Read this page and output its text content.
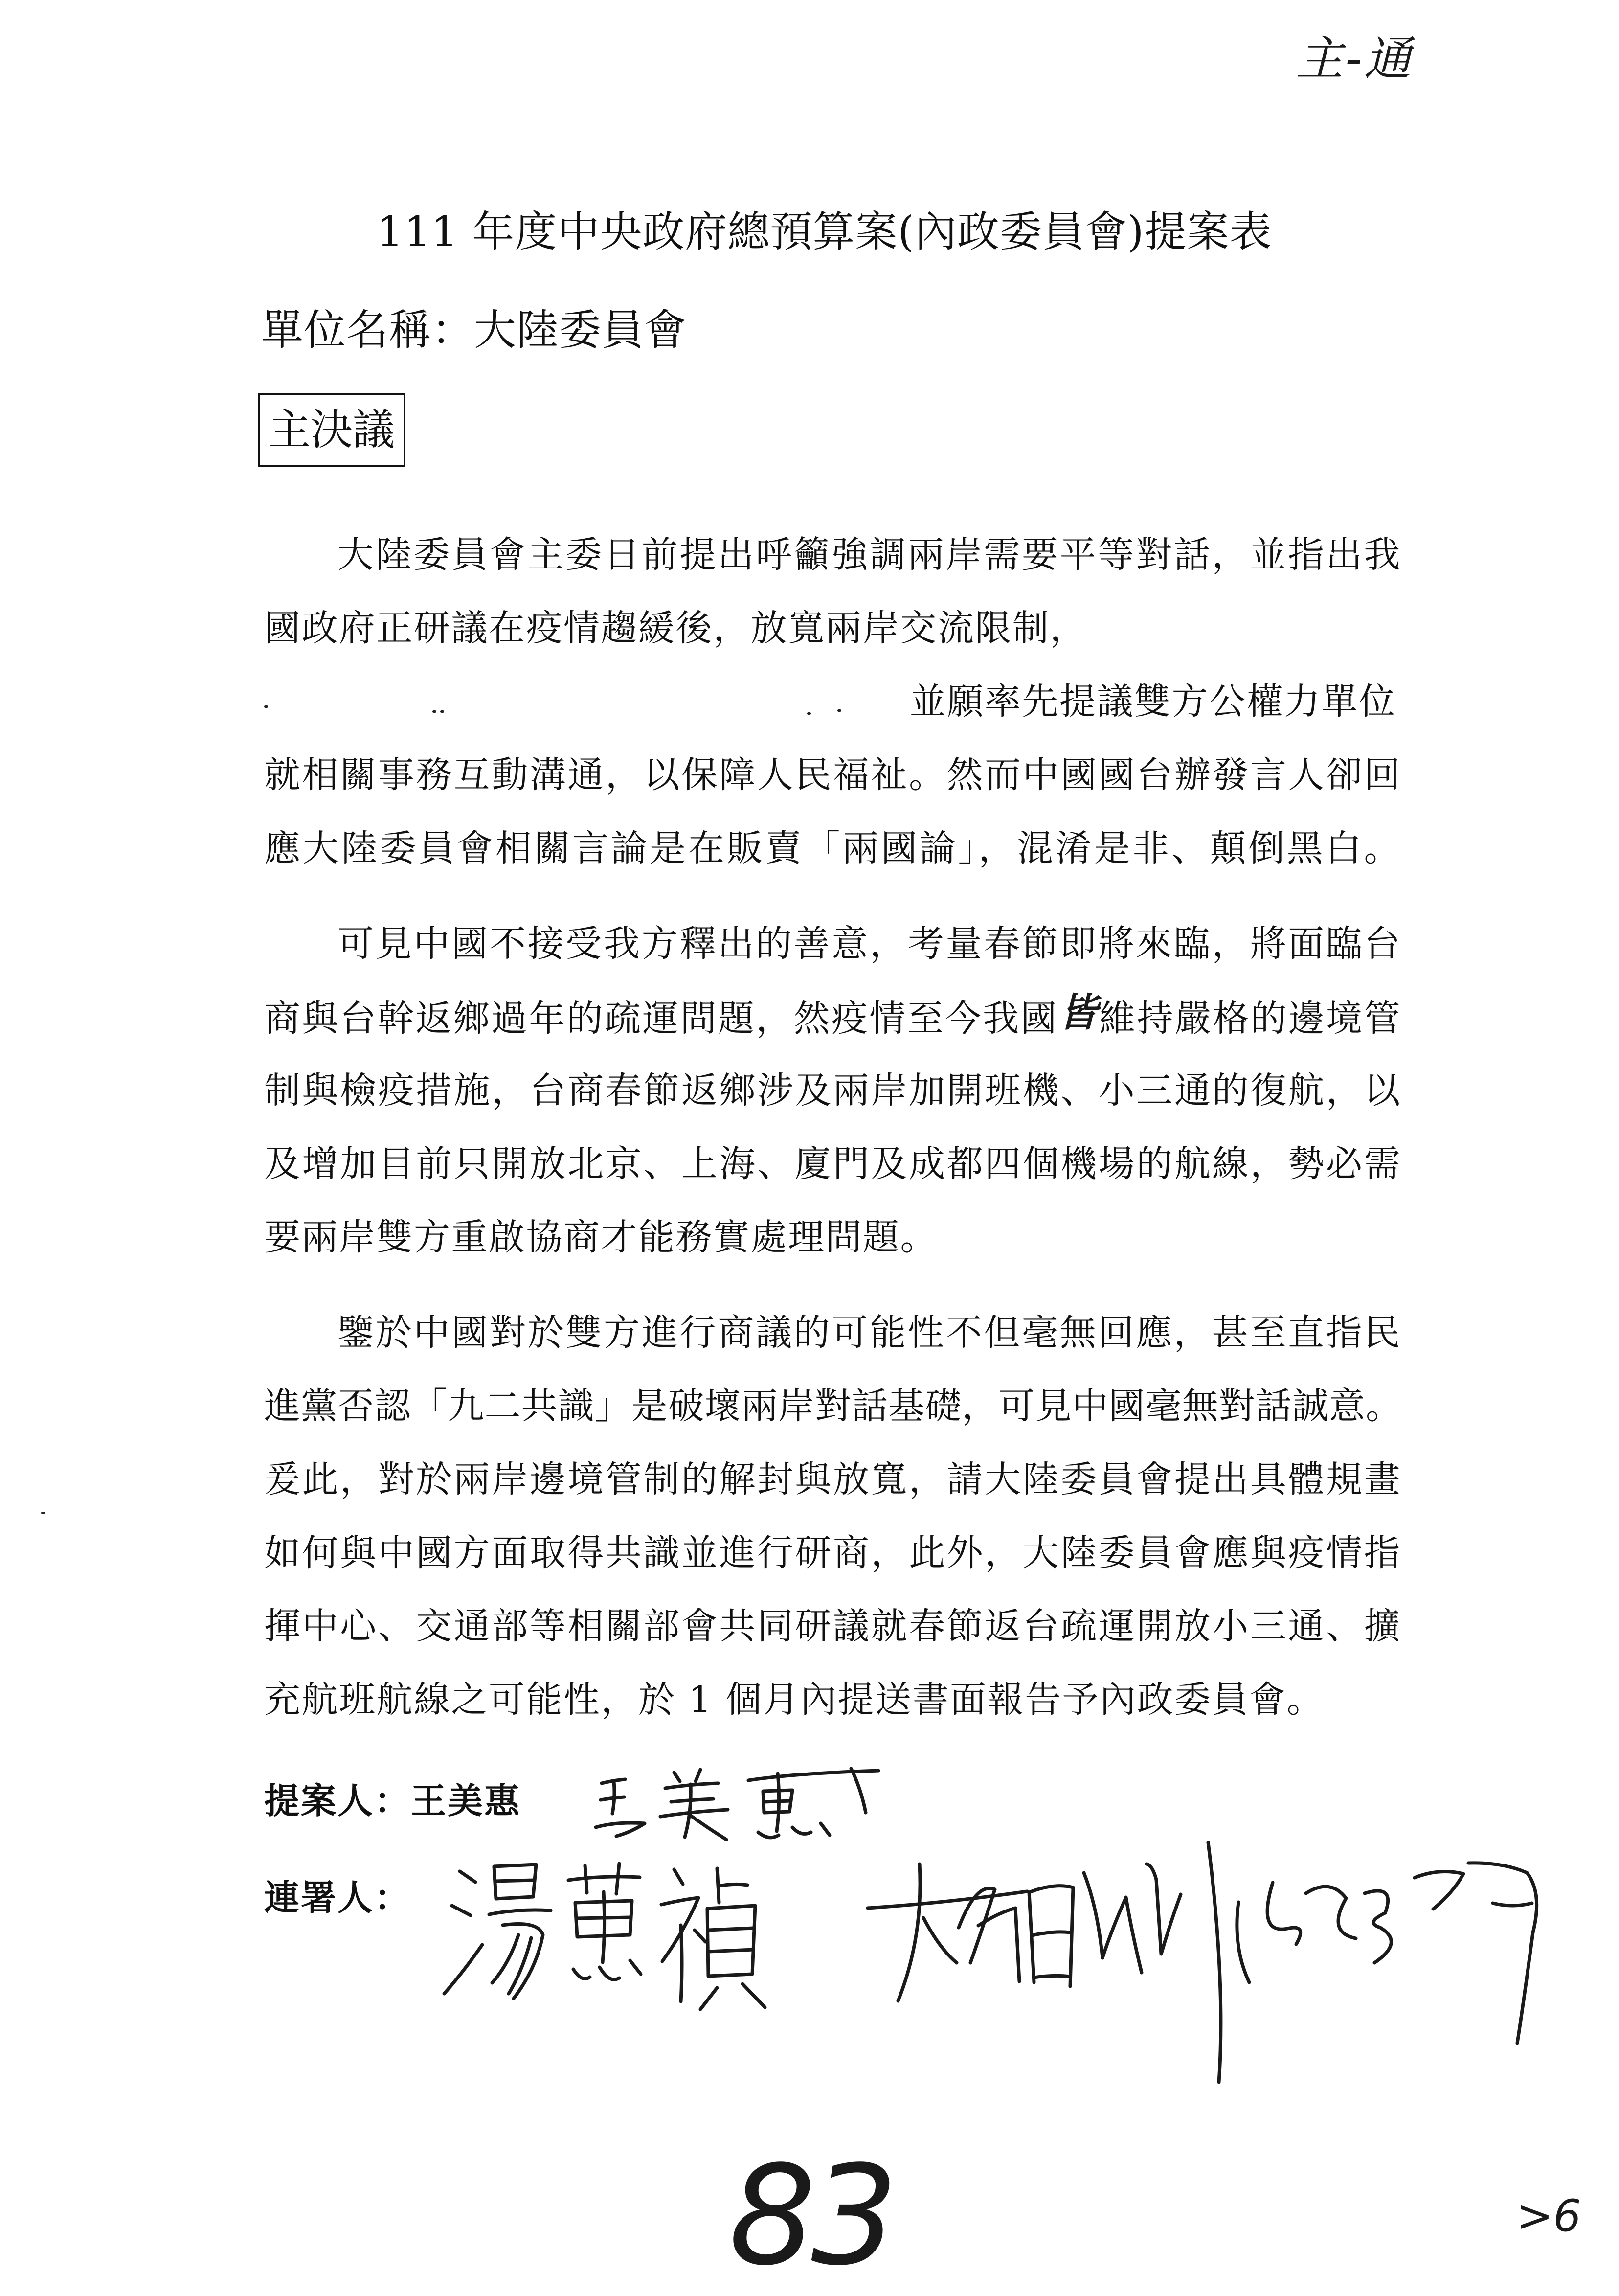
主-通
111 年度中央政府總預算案(內政委員會)提案表
單位名稱：大陸委員會
主決議
大陸委員會主委日前提出呼籲強調兩岸需要平等對話，並指出我
國政府正研議在疫情趨緩後，放寬兩岸交流限制，
並願率先提議雙方公權力單位
就相關事務互動溝通，以保障人民福祉。然而中國國台辦發言人卻回
應大陸委員會相關言論是在販賣「兩國論」，混淆是非、顛倒黑白。
可見中國不接受我方釋出的善意，考量春節即將來臨，將面臨台
商與台幹返鄉過年的疏運問題，然疫情至今我國皆維持嚴格的邊境管
制與檢疫措施，台商春節返鄉涉及兩岸加開班機、小三通的復航，以
及增加目前只開放北京、上海、廈門及成都四個機場的航線，勢必需
要兩岸雙方重啟協商才能務實處理問題。
鑒於中國對於雙方進行商議的可能性不但毫無回應，甚至直指民
進黨否認「九二共識」是破壞兩岸對話基礎，可見中國毫無對話誠意。
爰此，對於兩岸邊境管制的解封與放寬，請大陸委員會提出具體規畫
如何與中國方面取得共識並進行研商，此外，大陸委員會應與疫情指
揮中心、交通部等相關部會共同研議就春節返台疏運開放小三通、擴
充航班航線之可能性，於 1 個月內提送書面報告予內政委員會。
提案人：王美惠
連署人：
83	>6
